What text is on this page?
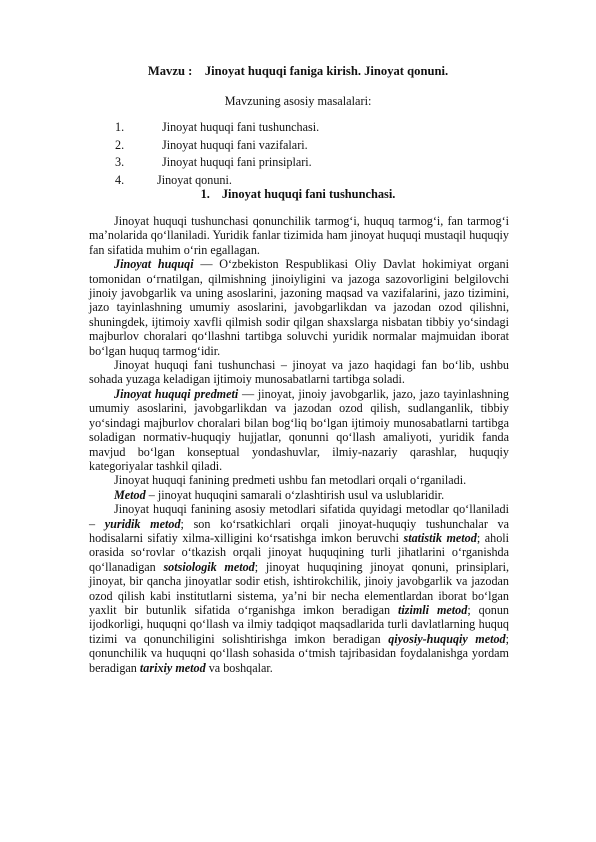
Mavzu :    Jinoyat huquqi faniga kirish. Jinoyat qonuni.
Mavzuning asosiy masalalari:
1.	Jinoyat huquqi fani tushunchasi.
2.	Jinoyat huquqi fani vazifalari.
3.	Jinoyat huquqi fani prinsiplari.
4.	Jinoyat qonuni.
1. Jinoyat huquqi fani tushunchasi.

Jinoyat huquqi tushunchasi qonunchilik tarmog‘i, huquq tarmog‘i, fan tarmog‘i ma’nolarida qo‘llaniladi. Yuridik fanlar tizimida ham jinoyat huquqi mustaqil huquqiy fan sifatida muhim o‘rin egallagan.

Jinoyat huquqi — O‘zbekiston Respublikasi Oliy Davlat hokimiyat organi tomonidan o‘rnatilgan, qilmishning jinoiyligini va jazoga sazovorligini belgilovchi jinoiy javobgarlik va uning asoslarini, jazoning maqsad va vazifalarini, jazo tizimini, jazo tayinlashning umumiy asoslarini, javobgarlikdan va jazodan ozod qilishni, shuningdek, ijtimoiy xavfli qilmish sodir qilgan shaxslarga nisbatan tibbiy yo‘sindagi majburlov choralari qo‘llashni tartibga soluvchi yuridik normalar majmuidan iborat bo‘lgan huquq tarmog‘idir.

Jinoyat huquqi fani tushunchasi – jinoyat va jazo haqidagi fan bo‘lib, ushbu sohada yuzaga keladigan ijtimoiy munosabatlarni tartibga soladi.

Jinoyat huquqi predmeti — jinoyat, jinoiy javobgarlik, jazo, jazo tayinlashning umumiy asoslarini, javobgarlikdan va jazodan ozod qilish, sudlanganlik, tibbiy yo‘sindagi majburlov choralari bilan bog‘liq bo‘lgan ijtimoiy munosabatlarni tartibga soladigan normativ-huquqiy hujjatlar, qonunni qo‘llash amaliyoti, yuridik fanda mavjud bo‘lgan konseptual yondashuvlar, ilmiy-nazariy qarashlar, huquqiy kategoriyalar tashkil qiladi.

Jinoyat huquqi fanining predmeti ushbu fan metodlari orqali o‘rganiladi.

Metod – jinoyat huquqini samarali o‘zlashtirish usul va uslublaridir.

Jinoyat huquqi fanining asosiy metodlari sifatida quyidagi metodlar qo‘llaniladi – yuridik metod; son ko‘rsatkichlari orqali jinoyat-huquqiy tushunchalar va hodisalarni sifatiy xilma-xilligini ko‘rsatishga imkon beruvchi statistik metod; aholi orasida so‘rovlar o‘tkazish orqali jinoyat huquqining turli jihatlarini o‘rganishda qo‘llanadigan sotsiologik metod; jinoyat huquqining jinoyat qonuni, prinsiplari, jinoyat, bir qancha jinoyatlar sodir etish, ishtirokchilik, jinoiy javobgarlik va jazodan ozod qilish kabi institutlarni sistema, ya’ni bir necha elementlardan iborat bo‘lgan yaxlit bir butunlik sifatida o‘rganishga imkon beradigan tizimli metod; qonun ijodkorligi, huquqni qo‘llash va ilmiy tadqiqot maqsadlarida turli davlatlarning huquq tizimi va qonunchiligini solishtirishga imkon beradigan qiyosiy-huquqiy metod; qonunchilik va huquqni qo‘llash sohasida o‘tmish tajribasidan foydalanishga yordam beradigan tarixiy metod va boshqalar.
